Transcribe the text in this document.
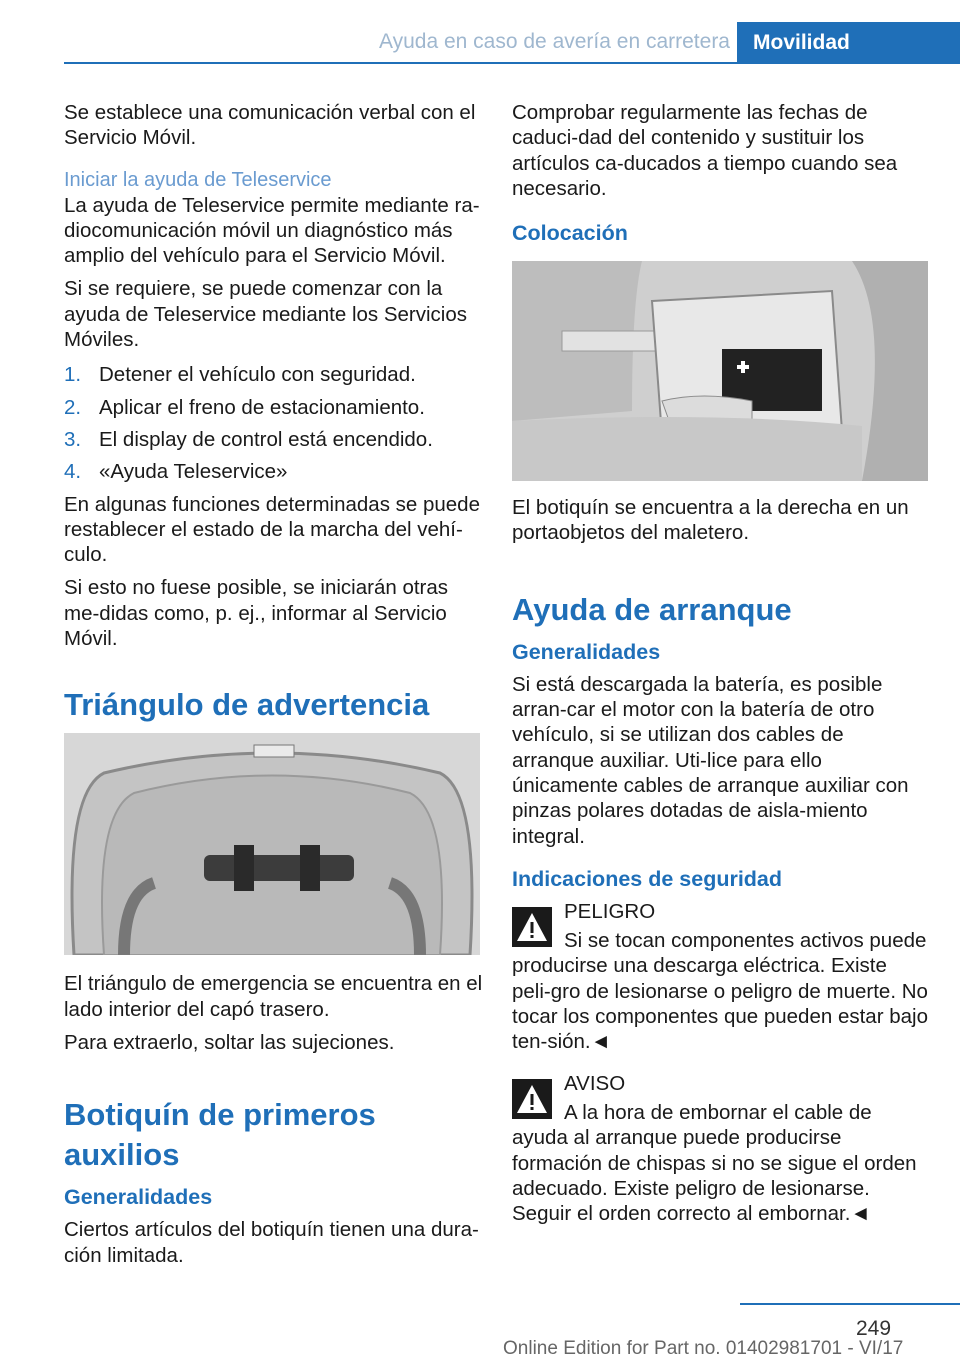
Ayuda en caso de avería en carretera	Movilidad

Se establece una comunicación verbal con el Servicio Móvil.

Iniciar la ayuda de Teleservice

La ayuda de Teleservice permite mediante ra-diocomunicación móvil un diagnóstico más amplio del vehículo para el Servicio Móvil.

Si se requiere, se puede comenzar con la ayuda de Teleservice mediante los Servicios Móviles.

1. Detener el vehículo con seguridad.
2. Aplicar el freno de estacionamiento.
3. El display de control está encendido.
4. «Ayuda Teleservice»

En algunas funciones determinadas se puede restablecer el estado de la marcha del vehí-culo.

Si esto no fuese posible, se iniciarán otras me-didas como, p. ej., informar al Servicio Móvil.

Triángulo de advertencia

El triángulo de emergencia se encuentra en el lado interior del capó trasero.

Para extraerlo, soltar las sujeciones.

Botiquín de primeros auxilios
Generalidades

Ciertos artículos del botiquín tienen una dura-ción limitada.

Comprobar regularmente las fechas de caduci-dad del contenido y sustituir los artículos ca-ducados a tiempo cuando sea necesario.

Colocación

El botiquín se encuentra a la derecha en un portaobjetos del maletero.

Ayuda de arranque
Generalidades

Si está descargada la batería, es posible arran-car el motor con la batería de otro vehículo, si se utilizan dos cables de arranque auxiliar. Uti-lice para ello únicamente cables de arranque auxiliar con pinzas polares dotadas de aisla-miento integral.

Indicaciones de seguridad

PELIGRO

Si se tocan componentes activos puede producirse una descarga eléctrica. Existe peli-gro de lesionarse o peligro de muerte. No tocar los componentes que pueden estar bajo ten-sión.◄

AVISO

A la hora de embornar el cable de ayuda al arranque puede producirse formación de chispas si no se sigue el orden adecuado. Existe peligro de lesionarse. Seguir el orden correcto al embornar.◄

249
Online Edition for Part no. 01402981701 - VI/17
